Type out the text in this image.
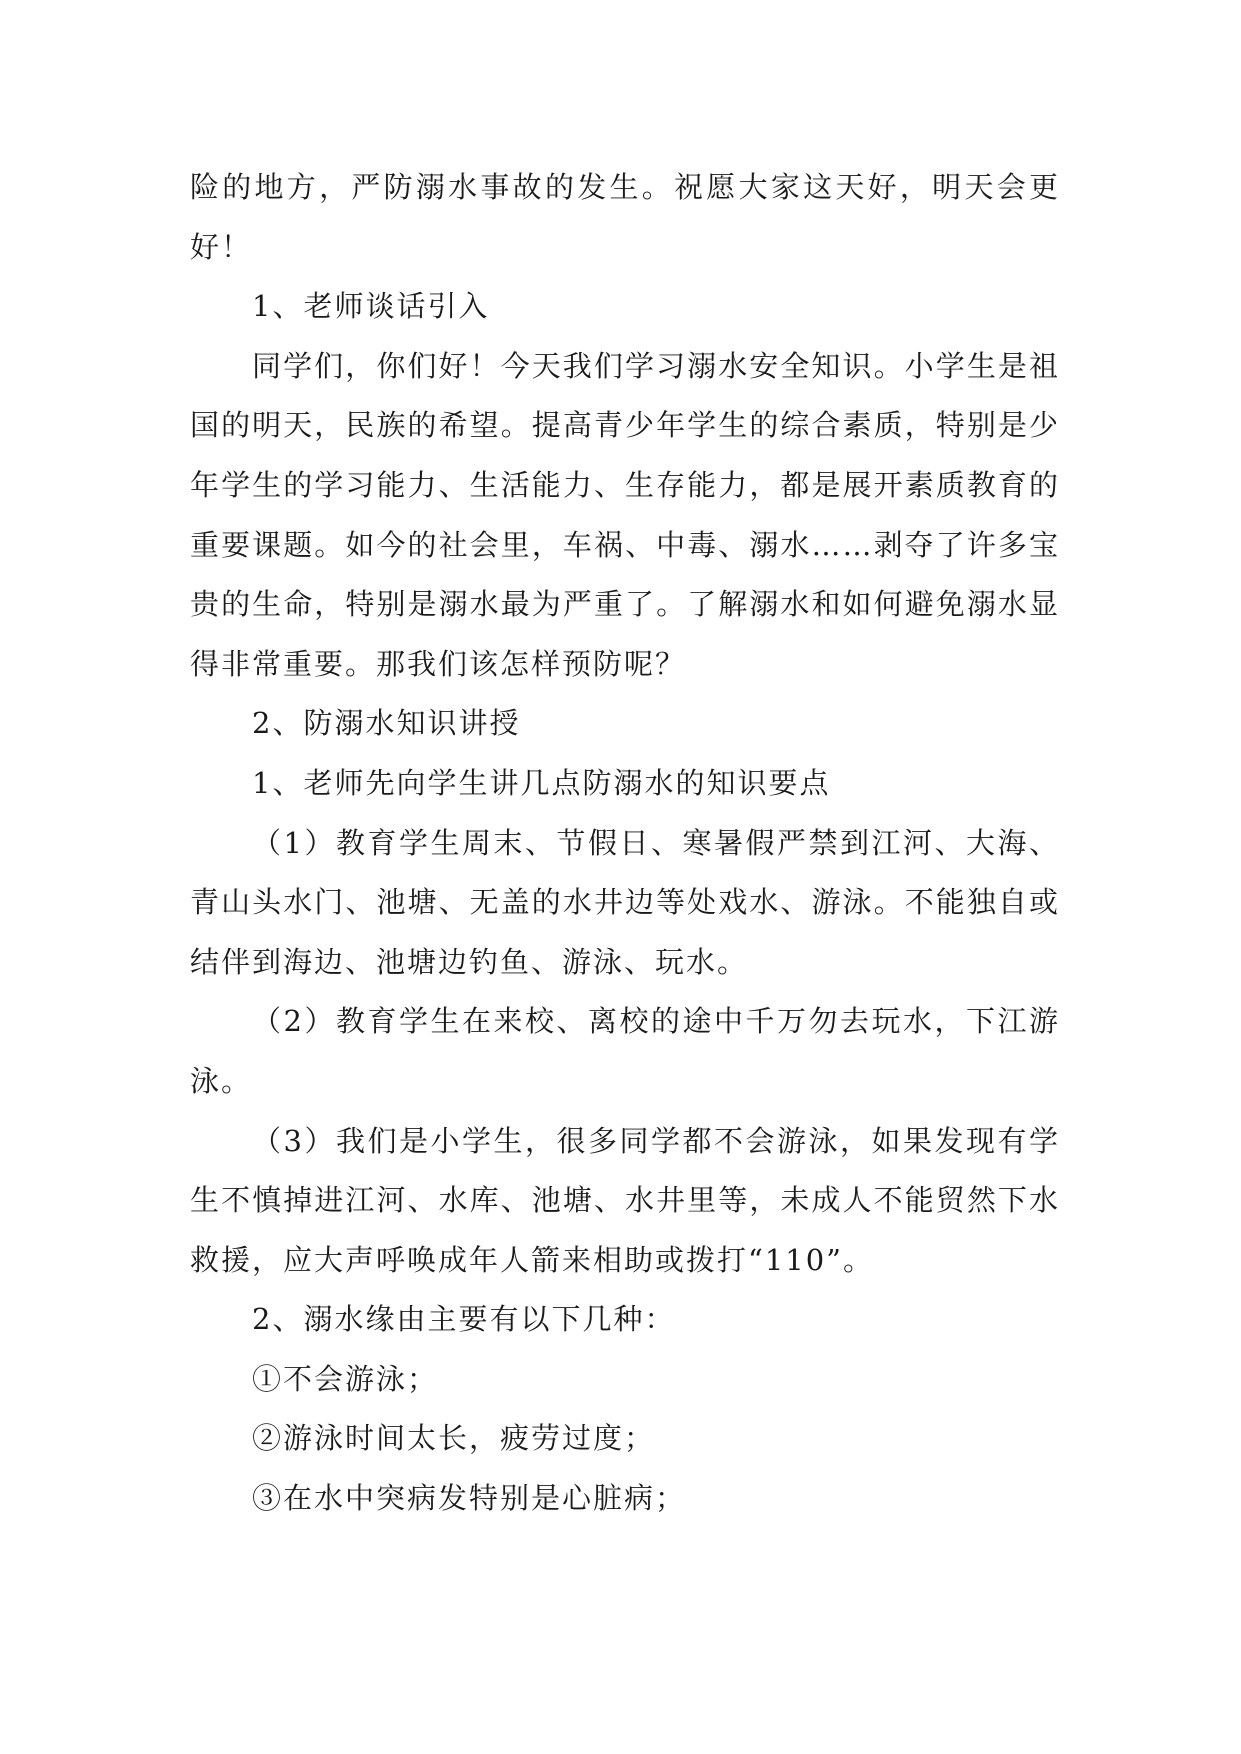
险的地方，严防溺水事故的发生。祝愿大家这天好，明天会更好！

1、老师谈话引入

同学们，你们好！今天我们学习溺水安全知识。小学生是祖国的明天，民族的希望。提高青少年学生的综合素质，特别是少年学生的学习能力、生活能力、生存能力，都是展开素质教育的重要课题。如今的社会里，车祸、中毒、溺水……剥夺了许多宝贵的生命，特别是溺水最为严重了。了解溺水和如何避免溺水显得非常重要。那我们该怎样预防呢？

2、防溺水知识讲授

1、老师先向学生讲几点防溺水的知识要点

（1）教育学生周末、节假日、寒暑假严禁到江河、大海、青山头水门、池塘、无盖的水井边等处戏水、游泳。不能独自或结伴到海边、池塘边钓鱼、游泳、玩水。

（2）教育学生在来校、离校的途中千万勿去玩水，下江游泳。

（3）我们是小学生，很多同学都不会游泳，如果发现有学生不慎掉进江河、水库、池塘、水井里等，未成人不能贸然下水救援，应大声呼唤成年人箭来相助或拨打“110”。

2、溺水缘由主要有以下几种：

①不会游泳；

②游泳时间太长，疲劳过度；

③在水中突病发特别是心脏病；
